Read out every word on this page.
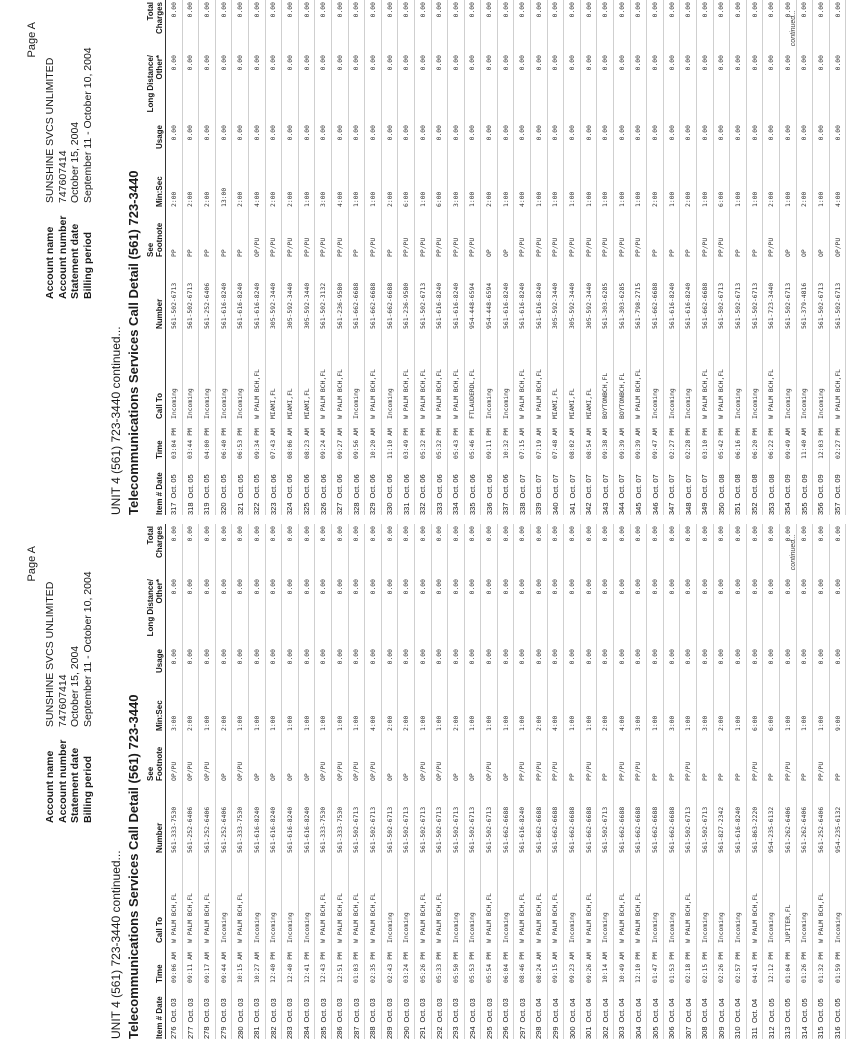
Page A
Account name
SUNSHINE SVCS UNLIMITED
Account number
747607414
Statement date
October 15, 2004
Billing period
September 11 - October 10, 2004
UNIT 4 (561) 723-3440 continued... Telecommunications Services Call Detail (561) 723-3440 Item # Date	Time	Call To	Number	See
Footnote	Min:Sec	Usage	Long Distance/
Other*	Total
Charges
276Oct. 03	09:06 AM	W PALM BCH,FL	561-333-7530	OP/PU	3:00	0.00	0.00	0.00
277Oct. 03	09:11 AM	W PALM BCH,FL	561-252-6406	OP/PU	2:00	0.00	0.00	0.00
278Oct. 03	09:17 AM	W PALM BCH,FL	561-252-6406	OP/PU	1:00	0.00	0.00	0.00
279Oct. 03	09:44 AM	Incoming	561-252-6406	OP	2:00	0.00	0.00	0.00
280Oct. 03	10:15 AM	W PALM BCH,FL	561-333-7530	OP/PU	1:00	0.00	0.00	0.00
281Oct. 03	10:27 AM	Incoming	561-616-8240	OP	1:00	0.00	0.00	0.00
282Oct. 03	12:40 PM	Incoming	561-616-8240	OP	1:00	0.00	0.00	0.00
283Oct. 03	12:40 PM	Incoming	561-616-8240	OP	1:00	0.00	0.00	0.00
284Oct. 03	12:41 PM	Incoming	561-616-8240	OP	1:00	0.00	0.00	0.00
285Oct. 03	12:43 PM	W PALM BCH,FL	561-333-7530	OP/PU	1:00	0.00	0.00	0.00
286Oct. 03	12:51 PM	W PALM BCH,FL	561-333-7530	OP/PU	1:00	0.00	0.00	0.00
287Oct. 03	01:03 PM	W PALM BCH,FL	561-502-6713	OP/PU	1:00	0.00	0.00	0.00
288Oct. 03	02:35 PM	W PALM BCH,FL	561-502-6713	OP/PU	4:00	0.00	0.00	0.00
289Oct. 03	02:43 PM	Incoming	561-502-6713	OP	2:00	0.00	0.00	0.00
290Oct. 03	03:24 PM	Incoming	561-502-6713	OP	2:00	0.00	0.00	0.00
291Oct. 03	05:26 PM	W PALM BCH,FL	561-502-6713	OP/PU	1:00	0.00	0.00	0.00
292Oct. 03	05:33 PM	W PALM BCH,FL	561-502-6713	OP/PU	1:00	0.00	0.00	0.00
293Oct. 03	05:50 PM	Incoming	561-502-6713	OP	2:00	0.00	0.00	0.00
294Oct. 03	05:53 PM	Incoming	561-502-6713	OP	1:00	0.00	0.00	0.00
295Oct. 03	05:54 PM	W PALM BCH,FL	561-502-6713	OP/PU	1:00	0.00	0.00	0.00
296Oct. 03	06:04 PM	Incoming	561-662-6688	OP	1:00	0.00	0.00	0.00
297Oct. 03	08:46 PM	W PALM BCH,FL	561-616-8240	PP/PU	1:00	0.00	0.00	0.00
298Oct. 04	08:24 AM	W PALM BCH,FL	561-662-6688	PP/PU	2:00	0.00	0.00	0.00
299Oct. 04	09:15 AM	W PALM BCH,FL	561-662-6688	PP/PU	4:00	0.00	0.00	0.00
300Oct. 04	09:23 AM	Incoming	561-662-6688	PP	1:00	0.00	0.00	0.00
301Oct. 04	09:26 AM	W PALM BCH,FL	561-662-6688	PP/PU	1:00	0.00	0.00	0.00
302Oct. 04	10:14 AM	Incoming	561-502-6713	PP	2:00	0.00	0.00	0.00
303Oct. 04	10:49 AM	W PALM BCH,FL	561-662-6688	PP/PU	4:00	0.00	0.00	0.00
304Oct. 04	12:10 PM	W PALM BCH,FL	561-662-6688	PP/PU	3:00	0.00	0.00	0.00
305Oct. 04	01:47 PM	Incoming	561-662-6688	PP	1:00	0.00	0.00	0.00
306Oct. 04	01:53 PM	Incoming	561-662-6688	PP	3:00	0.00	0.00	0.00
307Oct. 04	02:18 PM	W PALM BCH,FL	561-502-6713	PP/PU	1:00	0.00	0.00	0.00
308Oct. 04	02:15 PM	Incoming	561-502-6713	PP	3:00	0.00	0.00	0.00
309Oct. 04	02:26 PM	Incoming	561-827-2342	PP	2:00	0.00	0.00	0.00
310Oct. 04	02:57 PM	Incoming	561-616-8240	PP	1:00	0.00	0.00	0.00
311Oct. 04	04:41 PM	W PALM BCH,FL	561-863-2220	PP/PU	6:00	0.00	0.00	0.00
312Oct. 05	12:12 PM	Incoming	954-235-6132	PP	6:00	0.00	0.00	0.00
313Oct. 05	01:04 PM	JUPITER,FL	561-262-6406	PP/PU	1:00	0.00	0.00	0.00
314Oct. 05	01:26 PM	Incoming	561-262-6406	PP	1:00	0.00	0.00	0.00
315Oct. 05	01:32 PM	W PALM BCH,FL	561-252-6406	PP/PU	1:00	0.00	0.00	0.00
316Oct. 05	01:59 PM	Incoming	954-235-6132	PP	9:00	0.00	0.00	0.00
continued...
Page A
Account name
SUNSHINE SVCS UNLIMITED
Account number
747607414
Statement date
October 15, 2004
Billing period
September 11 - October 10, 2004
UNIT 4 (561) 723-3440 continued... Telecommunications Services Call Detail (561) 723-3440 Item # Date	Time	Call To	Number	See
Footnote	Min:Sec	Usage	Long Distance/
Other*	Total
Charges
317Oct. 05	03:04 PM	Incoming	561-502-6713	PP	2:00	0.00	0.00	0.00
318Oct. 05	03:44 PM	Incoming	561-502-6713	PP	2:00	0.00	0.00	0.00
319Oct. 05	04:00 PM	Incoming	561-252-6406	PP	2:00	0.00	0.00	0.00
320Oct. 05	06:40 PM	Incoming	561-616-8240	PP	13:00	0.00	0.00	0.00
321Oct. 05	06:53 PM	Incoming	561-616-8240	PP	2:00	0.00	0.00	0.00
322Oct. 05	09:34 PM	W PALM BCH,FL	561-616-8240	OP/PU	4:00	0.00	0.00	0.00
323Oct. 06	07:43 AM	MIAMI,FL	305-592-3440	PP/PU	2:00	0.00	0.00	0.00
324Oct. 06	08:06 AM	MIAMI,FL	305-592-3440	PP/PU	2:00	0.00	0.00	0.00
325Oct. 06	08:23 AM	MIAMI,FL	305-592-3440	PP/PU	1:00	0.00	0.00	0.00
326Oct. 06	09:24 AM	W PALM BCH,FL	561-502-3132	PP/PU	3:00	0.00	0.00	0.00
327Oct. 06	09:27 AM	W PALM BCH,FL	561-236-9580	PP/PU	4:00	0.00	0.00	0.00
328Oct. 06	09:56 AM	Incoming	561-662-6688	PP	1:00	0.00	0.00	0.00
329Oct. 06	10:20 AM	W PALM BCH,FL	561-662-6688	PP/PU	1:00	0.00	0.00	0.00
330Oct. 06	11:10 AM	Incoming	561-662-6688	PP	2:00	0.00	0.00	0.00
331Oct. 06	03:49 PM	W PALM BCH,FL	561-236-9580	PP/PU	6:00	0.00	0.00	0.00
332Oct. 06	05:32 PM	W PALM BCH,FL	561-502-6713	PP/PU	1:00	0.00	0.00	0.00
333Oct. 06	05:32 PM	W PALM BCH,FL	561-616-8240	PP/PU	6:00	0.00	0.00	0.00
334Oct. 06	05:43 PM	W PALM BCH,FL	561-616-8240	PP/PU	3:00	0.00	0.00	0.00
335Oct. 06	05:46 PM	FTLAUDERDL,FL	954-448-6594	PP/PU	1:00	0.00	0.00	0.00
336Oct. 06	09:11 PM	Incoming	954-448-6594	OP	2:00	0.00	0.00	0.00
337Oct. 06	10:32 PM	Incoming	561-616-8240	OP	1:00	0.00	0.00	0.00
338Oct. 07	07:15 AM	W PALM BCH,FL	561-616-8240	PP/PU	4:00	0.00	0.00	0.00
339Oct. 07	07:19 AM	W PALM BCH,FL	561-616-8240	PP/PU	1:00	0.00	0.00	0.00
340Oct. 07	07:48 AM	MIAMI,FL	305-592-3440	PP/PU	1:00	0.00	0.00	0.00
341Oct. 07	08:02 AM	MIAMI,FL	305-592-3440	PP/PU	1:00	0.00	0.00	0.00
342Oct. 07	08:54 AM	MIAMI,FL	305-592-3440	PP/PU	1:00	0.00	0.00	0.00
343Oct. 07	09:38 AM	BOYTONBCH,FL	561-303-6285	PP/PU	1:00	0.00	0.00	0.00
344Oct. 07	09:39 AM	BOYTONBCH,FL	561-303-6285	PP/PU	1:00	0.00	0.00	0.00
345Oct. 07	09:39 AM	W PALM BCH,FL	561-798-2715	PP/PU	1:00	0.00	0.00	0.00
346Oct. 07	09:47 AM	Incoming	561-662-6688	PP	2:00	0.00	0.00	0.00
347Oct. 07	02:27 PM	Incoming	561-616-8240	PP	1:00	0.00	0.00	0.00
348Oct. 07	02:28 PM	Incoming	561-616-8240	PP	2:00	0.00	0.00	0.00
349Oct. 07	03:10 PM	W PALM BCH,FL	561-662-6688	PP/PU	1:00	0.00	0.00	0.00
350Oct. 08	05:42 PM	W PALM BCH,FL	561-502-6713	PP/PU	6:00	0.00	0.00	0.00
351Oct. 08	06:16 PM	Incoming	561-502-6713	PP	1:00	0.00	0.00	0.00
352Oct. 08	06:20 PM	Incoming	561-502-6713	PP	1:00	0.00	0.00	0.00
353Oct. 08	06:22 PM	W PALM BCH,FL	561-723-3440	PP/PU	2:00	0.00	0.00	0.00
354Oct. 09	09:49 AM	Incoming	561-502-6713	OP	1:00	0.00	0.00	0.00
355Oct. 09	11:40 AM	Incoming	561-379-4816	OP	2:00	0.00	0.00	0.00
356Oct. 09	12:03 PM	Incoming	561-502-6713	OP	1:00	0.00	0.00	0.00
357Oct. 09	02:27 PM	W PALM BCH,FL	561-502-6713	OP/PU	4:00	0.00	0.00	0.00
continued...
